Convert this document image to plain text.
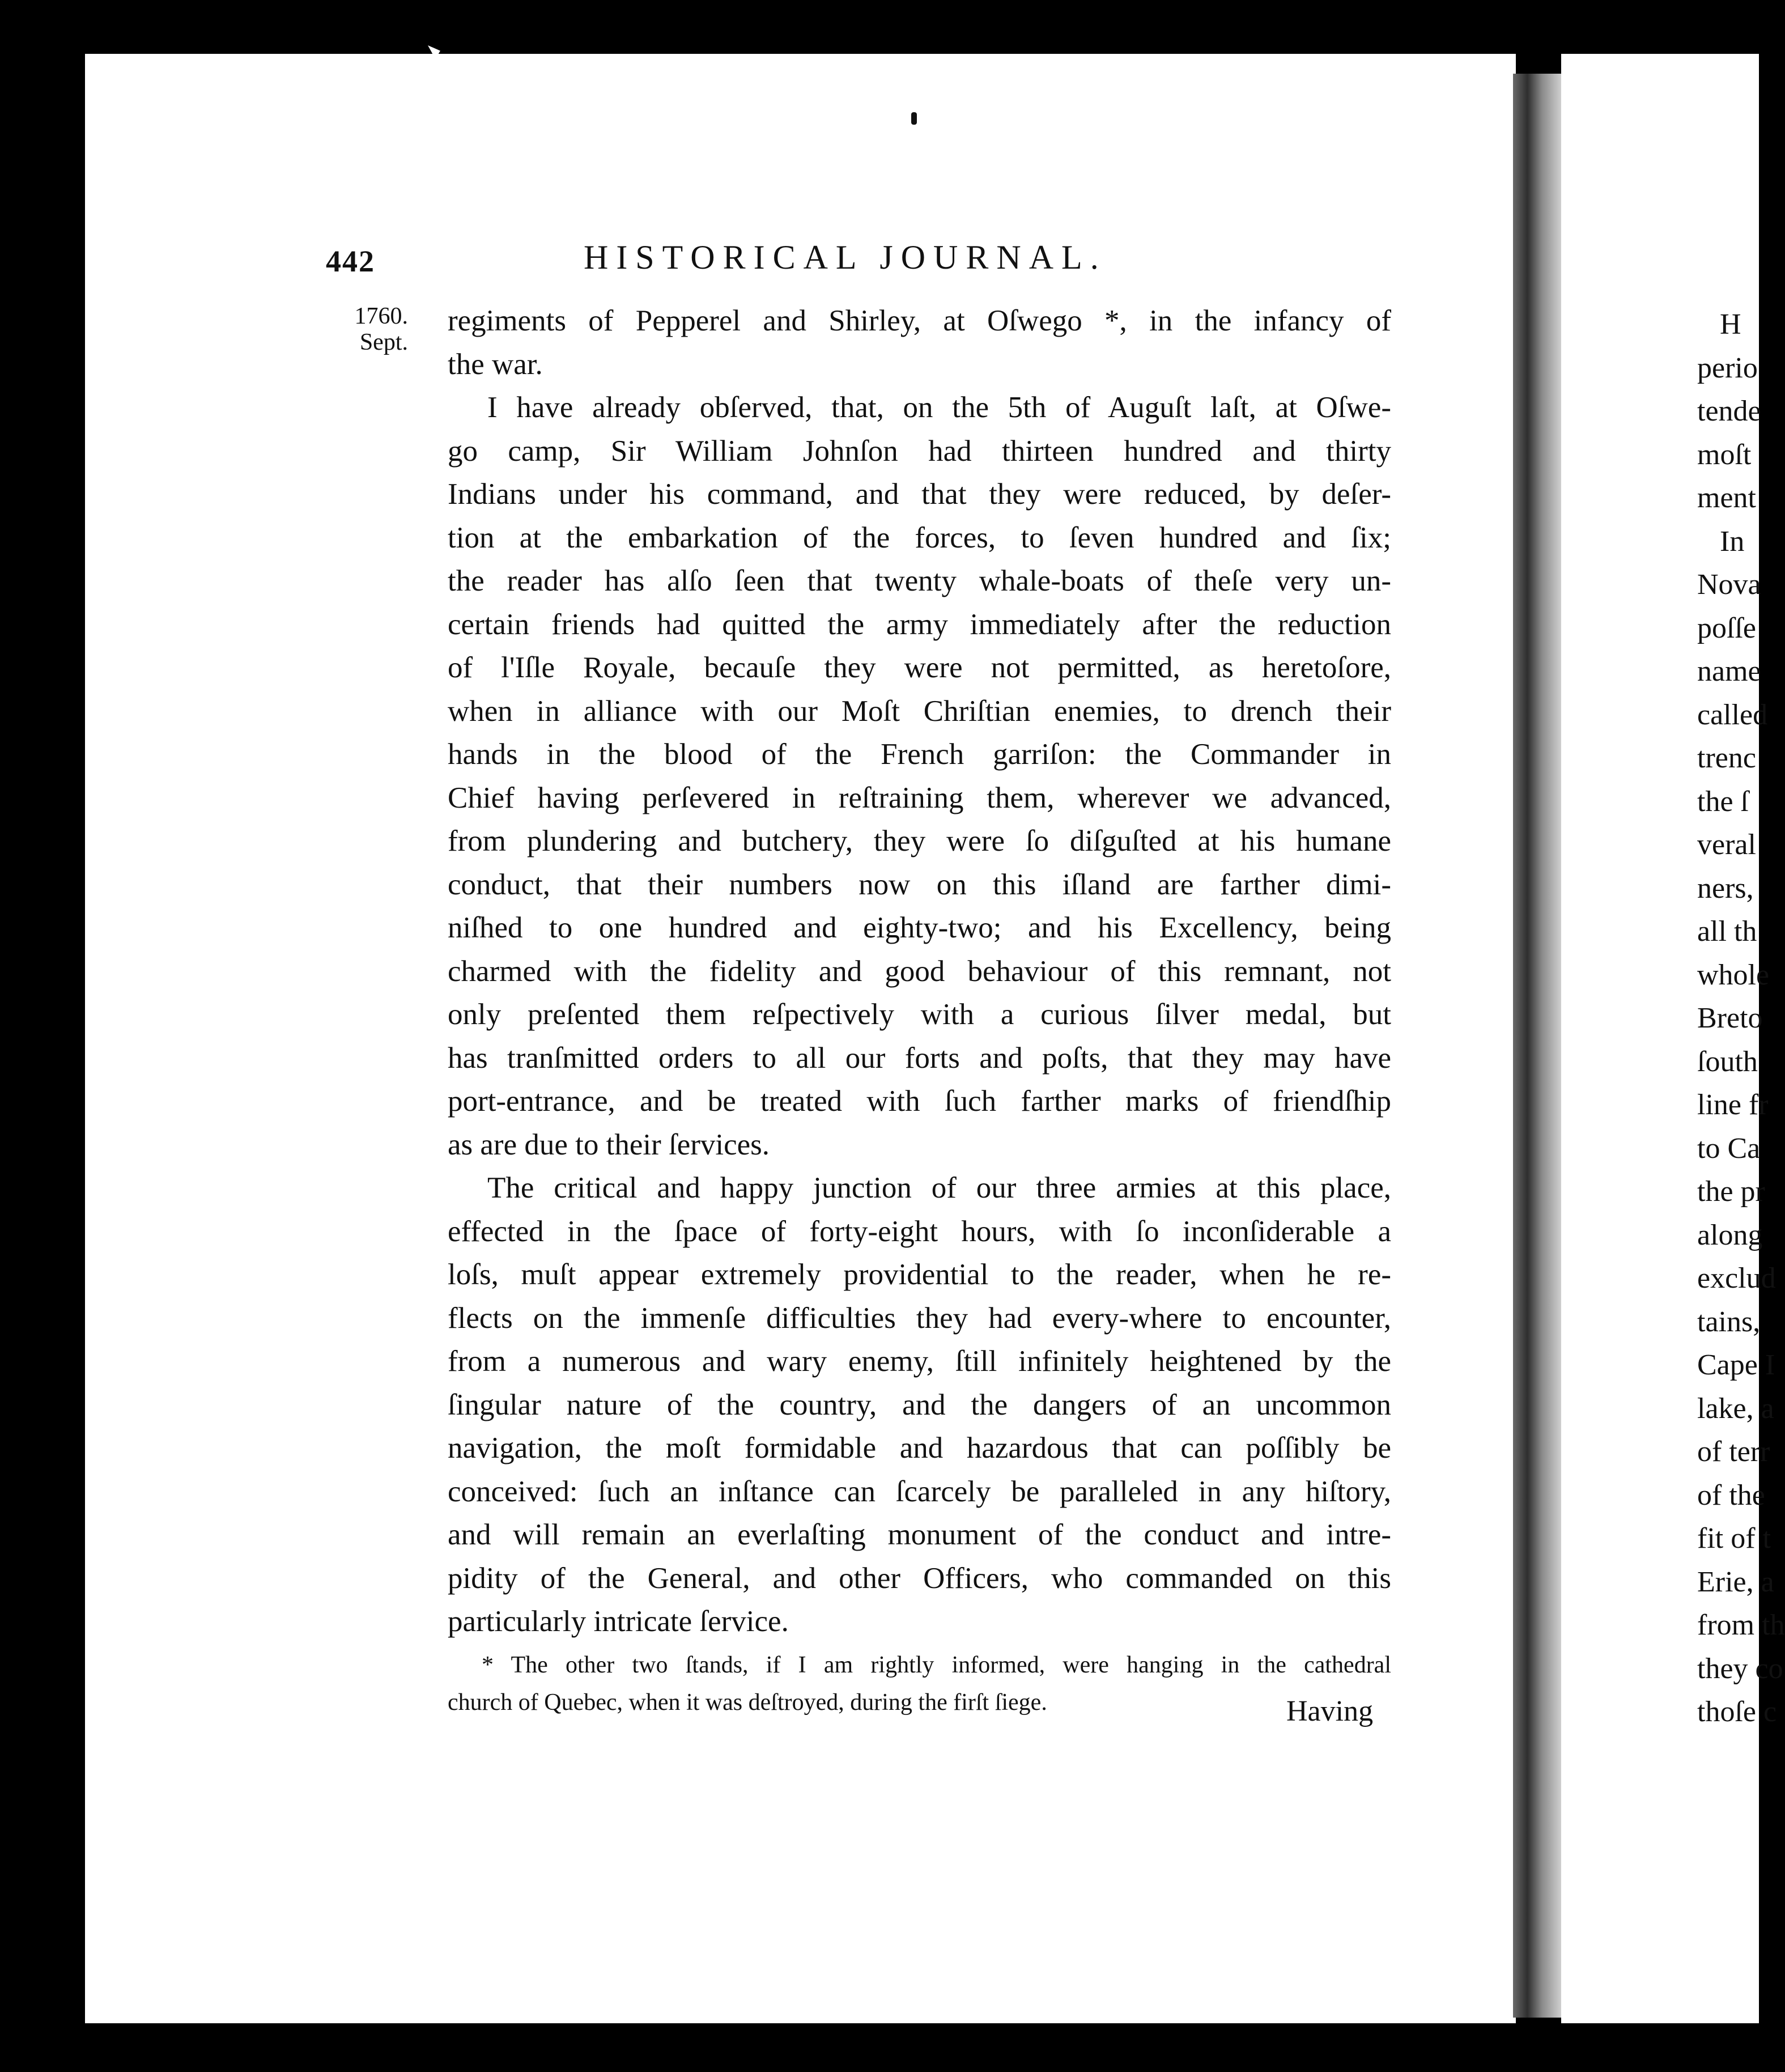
442	HISTORICAL JOURNAL.
1760.
Sept.
regiments of Pepperel and Shirley, at Oſwego *, in the infancy of
the war.
I have already obſerved, that, on the 5th of Auguſt laſt, at Oſwe-
go camp, Sir William Johnſon had thirteen hundred and thirty
Indians under his command, and that they were reduced, by deſer-
tion at the embarkation of the forces, to ſeven hundred and ſix;
the reader has alſo ſeen that twenty whale-boats of theſe very un-
certain friends had quitted the army immediately after the reduction
of l'Iſle Royale, becauſe they were not permitted, as heretoſore,
when in alliance with our Moſt Chriſtian enemies, to drench their
hands in the blood of the French garriſon: the Commander in
Chief having perſevered in reſtraining them, wherever we advanced,
from plundering and butchery, they were ſo diſguſted at his humane
conduct, that their numbers now on this iſland are farther dimi-
niſhed to one hundred and eighty-two; and his Excellency, being
charmed with the fidelity and good behaviour of this remnant, not
only preſented them reſpectively with a curious ſilver medal, but
has tranſmitted orders to all our forts and poſts, that they may have
port-entrance, and be treated with ſuch farther marks of friendſhip
as are due to their ſervices.
The critical and happy junction of our three armies at this place,
effected in the ſpace of forty-eight hours, with ſo inconſiderable a
loſs, muſt appear extremely providential to the reader, when he re-
flects on the immenſe difficulties they had every-where to encounter,
from a numerous and wary enemy, ſtill infinitely heightened by the
ſingular nature of the country, and the dangers of an uncommon
navigation, the moſt formidable and hazardous that can poſſibly be
conceived: ſuch an inſtance can ſcarcely be paralleled in any hiſtory,
and will remain an everlaſting monument of the conduct and intre-
pidity of the General, and other Officers, who commanded on this
particularly intricate ſervice.
* The other two ſtands, if I am rightly informed, were hanging in the cathedral
church of Quebec, when it was deſtroyed, during the firſt ſiege.	Having
H
perio
tende
moſt
ment
In
Nova
poſſe
name
called
trenc
the ſ
veral
ners,
all th
whole
Breto
ſouth
line fr
to Ca
the pr
along
exclud
tains,
Cape I
lake, a
of terr
of the
fit of t
Erie, a
from th
they co
thoſe c
